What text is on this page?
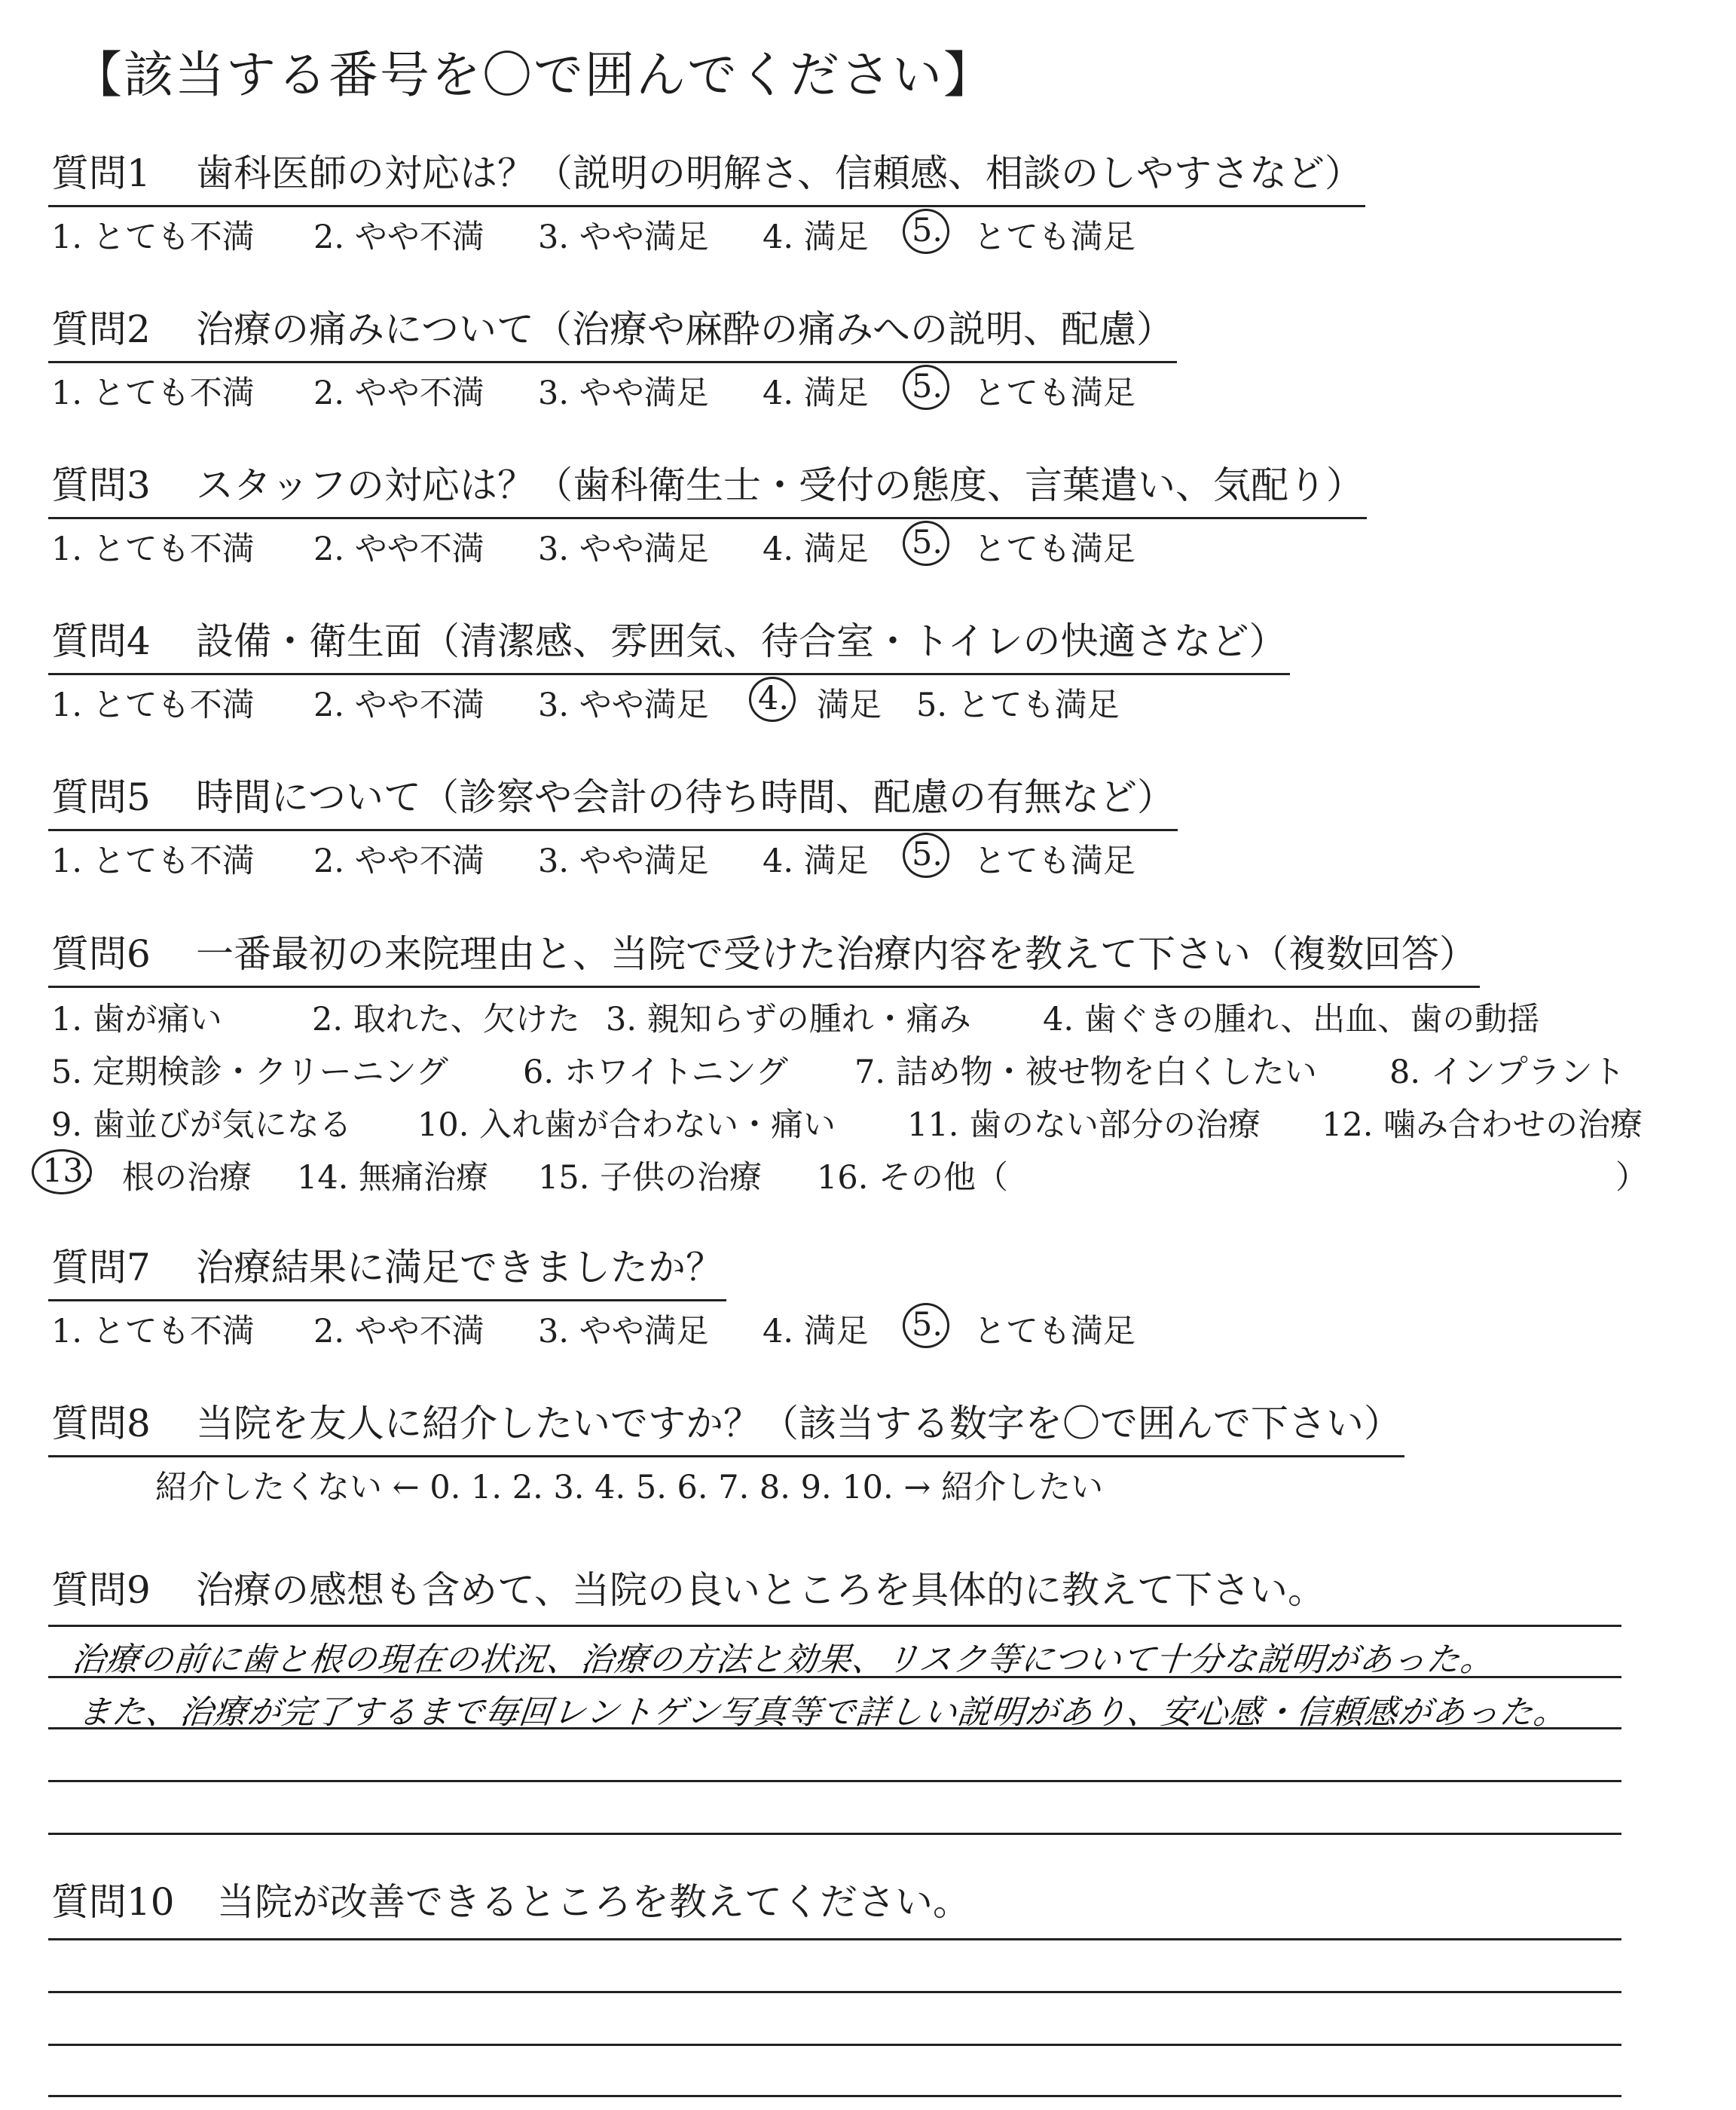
【該当する番号を〇で囲んでください】
質問1 歯科医師の対応は？（説明の明解さ、信頼感、相談のしやすさなど）
1. とても不満 2. やや不満 3. やや満足 4. 満足 5. とても満足
質問2 治療の痛みについて（治療や麻酔の痛みへの説明、配慮）
1. とても不満 2. やや不満 3. やや満足 4. 満足 5. とても満足
質問3 スタッフの対応は？（歯科衛生士・受付の態度、言葉遣い、気配り）
1. とても不満 2. やや不満 3. やや満足 4. 満足 5. とても満足
質問4 設備・衛生面（清潔感、雰囲気、待合室・トイレの快適さなど）
1. とても不満 2. やや不満 3. やや満足 4. 満足 5. とても満足
質問5 時間について（診察や会計の待ち時間、配慮の有無など）
1. とても不満 2. やや不満 3. やや満足 4. 満足 5. とても満足
質問6 一番最初の来院理由と、当院で受けた治療内容を教えて下さい（複数回答）
1. 歯が痛い	2. 取れた、欠けた 3. 親知らずの腫れ・痛み 4. 歯ぐきの腫れ、出血、歯の動揺
5. 定期検診・クリーニング 6. ホワイトニング 7. 詰め物・被せ物を白くしたい 8. インプラント
9. 歯並びが気になる 10. 入れ歯が合わない・痛い 11. 歯のない部分の治療 12. 噛み合わせの治療
13. 根の治療 14. 無痛治療 15. 子供の治療 16. その他（	）
質問7 治療結果に満足できましたか？
1. とても不満 2. やや不満 3. やや満足 4. 満足 5. とても満足
質問8 当院を友人に紹介したいですか？（該当する数字を〇で囲んで下さい）
紹介したくない ← 0. 1. 2. 3. 4. 5. 6. 7. 8. 9. 10. → 紹介したい
質問9 治療の感想も含めて、当院の良いところを具体的に教えて下さい。
治療の前に歯と根の現在の状況、治療の方法と効果、リスク等について十分な説明があった。
また、治療が完了するまで毎回レントゲン写真等で詳しい説明があり、安心感・信頼感があった。
質問10 当院が改善できるところを教えてください。
